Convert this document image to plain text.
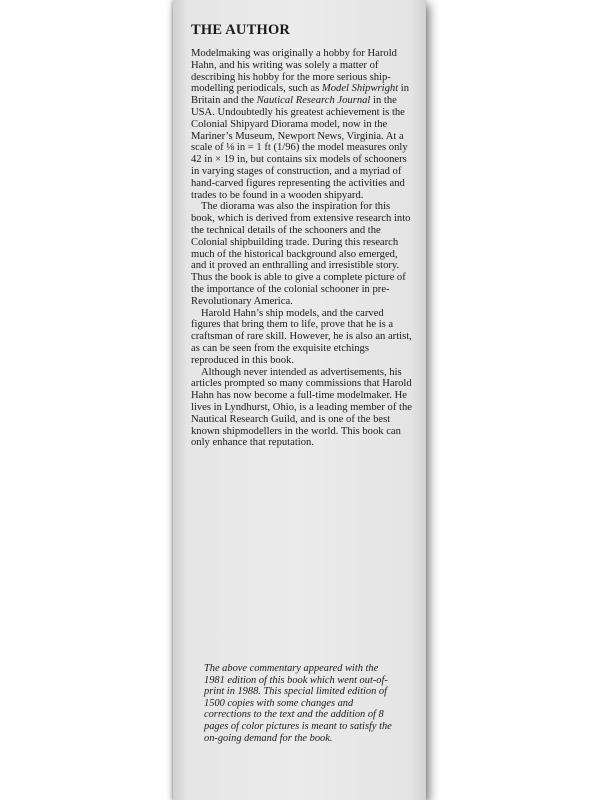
THE AUTHOR

Modelmaking was originally a hobby for Harold Hahn, and his writing was solely a matter of describing his hobby for the more serious ship-modelling periodicals, such as Model Shipwright in Britain and the Nautical Research Journal in the USA. Undoubtedly his greatest achievement is the Colonial Shipyard Diorama model, now in the Mariner’s Museum, Newport News, Virginia. At a scale of ⅛ in = 1 ft (1/96) the model measures only 42 in × 19 in, but contains six models of schooners in varying stages of construction, and a myriad of hand-carved figures representing the activities and trades to be found in a wooden shipyard.

The diorama was also the inspiration for this book, which is derived from extensive research into the technical details of the schooners and the Colonial shipbuilding trade. During this research much of the historical background also emerged, and it proved an enthralling and irresistible story. Thus the book is able to give a complete picture of the importance of the colonial schooner in pre-Revolutionary America.

Harold Hahn’s ship models, and the carved figures that bring them to life, prove that he is a craftsman of rare skill. However, he is also an artist, as can be seen from the exquisite etchings reproduced in this book.

Although never intended as advertisements, his articles prompted so many commissions that Harold Hahn has now become a full-time modelmaker. He lives in Lyndhurst, Ohio, is a leading member of the Nautical Research Guild, and is one of the best known shipmodellers in the world. This book can only enhance that reputation.

The above commentary appeared with the 1981 edition of this book which went out-of-print in 1988. This special limited edition of 1500 copies with some changes and corrections to the text and the addition of 8 pages of color pictures is meant to satisfy the on-going demand for the book.
